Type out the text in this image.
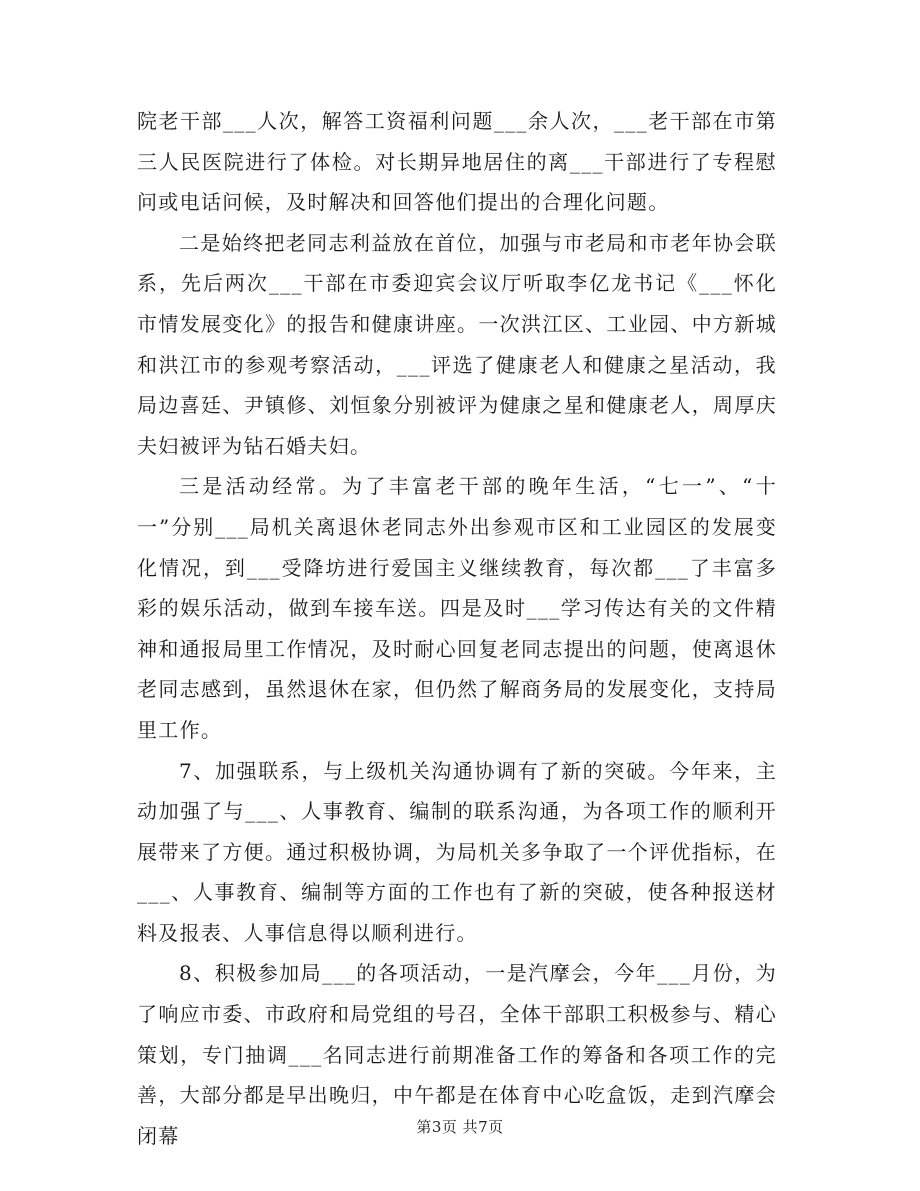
院老干部___人次，解答工资福利问题___余人次，___老干部在市第三人民医院进行了体检。对长期异地居住的离___干部进行了专程慰问或电话问候，及时解决和回答他们提出的合理化问题。

二是始终把老同志利益放在首位，加强与市老局和市老年协会联系，先后两次___干部在市委迎宾会议厅听取李亿龙书记《___怀化市情发展变化》的报告和健康讲座。一次洪江区、工业园、中方新城和洪江市的参观考察活动，___评选了健康老人和健康之星活动，我局边喜廷、尹镇修、刘恒象分别被评为健康之星和健康老人，周厚庆夫妇被评为钻石婚夫妇。

三是活动经常。为了丰富老干部的晚年生活，“七一”、“十一”分别___局机关离退休老同志外出参观市区和工业园区的发展变化情况，到___受降坊进行爱国主义继续教育，每次都___了丰富多彩的娱乐活动，做到车接车送。四是及时___学习传达有关的文件精神和通报局里工作情况，及时耐心回复老同志提出的问题，使离退休老同志感到，虽然退休在家，但仍然了解商务局的发展变化，支持局里工作。

7、加强联系，与上级机关沟通协调有了新的突破。今年来，主动加强了与___、人事教育、编制的联系沟通，为各项工作的顺利开展带来了方便。通过积极协调，为局机关多争取了一个评优指标，在___、人事教育、编制等方面的工作也有了新的突破，使各种报送材料及报表、人事信息得以顺利进行。

8、积极参加局___的各项活动，一是汽摩会，今年___月份，为了响应市委、市政府和局党组的号召，全体干部职工积极参与、精心策划，专门抽调___名同志进行前期准备工作的筹备和各项工作的完善，大部分都是早出晚归，中午都是在体育中心吃盒饭，走到汽摩会闭幕	第3页 共7页
